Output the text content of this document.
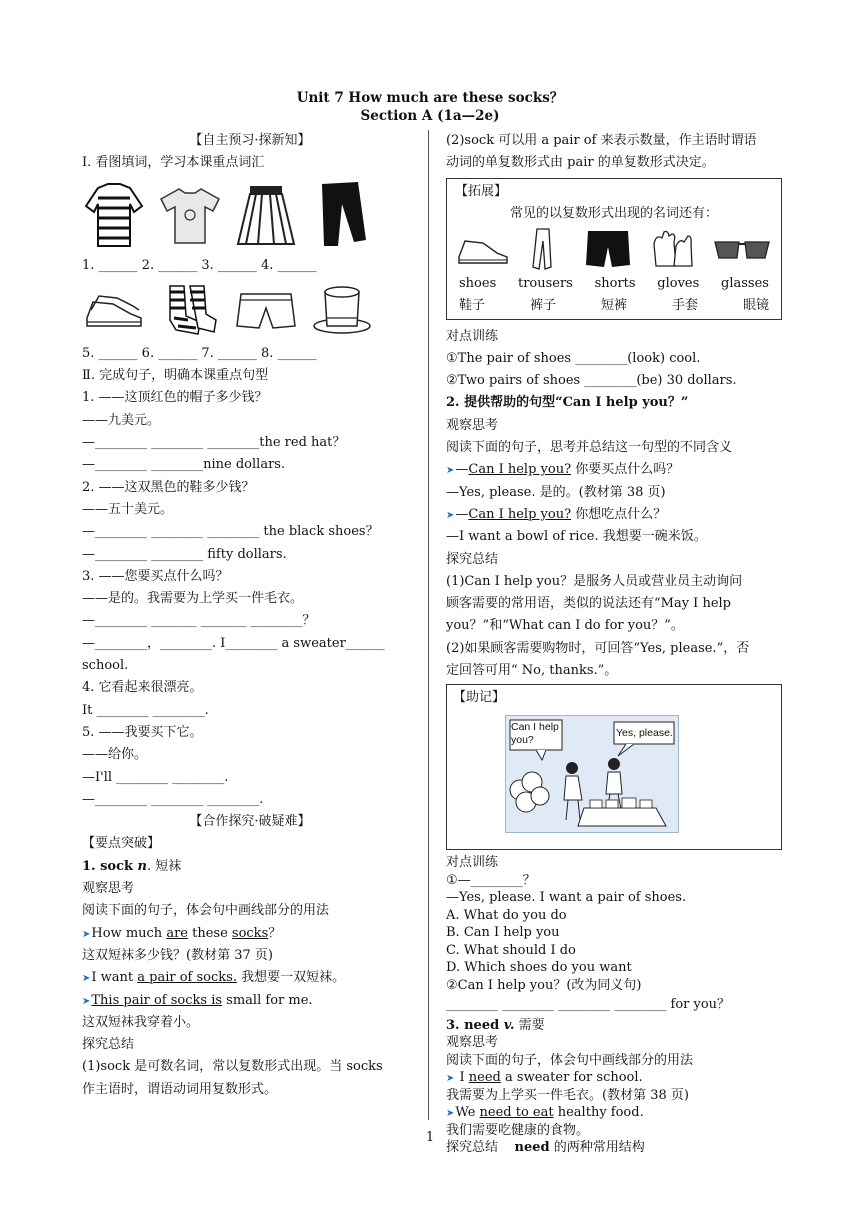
Unit 7 How much are these socks？
Section A (1a—2e)
【自主预习·探新知】
Ⅰ. 看图填词，学习本课重点词汇
1. ______ 2. ______ 3. ______ 4. ______
5. ______ 6. ______ 7. ______ 8. ______
Ⅱ. 完成句子，明确本课重点句型
1. ——这顶红色的帽子多少钱？
——九美元。
—________ ________ ________the red hat？
—________ ________nine dollars.
2. ——这双黑色的鞋多少钱？
——五十美元。
—________ ________ ________ the black shoes？
—________ ________ fifty dollars.
3. ——您要买点什么吗？
——是的。我需要为上学买一件毛衣。
—________ _______ _______ ________？
—________，________. I________ a sweater______
school.
4. 它看起来很漂亮。
It ________ ________.
5. ——我要买下它。
——给你。
—I'll ________ ________.
—________ ________ ________.
【合作探究·破疑难】
【要点突破】
1. sock n. 短袜
观察思考
阅读下面的句子，体会句中画线部分的用法
➤How much are these socks？
这双短袜多少钱？(教材第 37 页)
➤I want a pair of socks. 我想要一双短袜。
➤This pair of socks is small for me.
这双短袜我穿着小。
探究总结
(1)sock 是可数名词，常以复数形式出现。当 socks
作主语时，谓语动词用复数形式。
(2)sock 可以用 a pair of 来表示数量，作主语时谓语
动词的单复数形式由 pair 的单复数形式决定。
【拓展】
常见的以复数形式出现的名词还有：
shoes trousers shorts gloves glasses
鞋子	裤子	短裤	手套	眼镜
对点训练
①The pair of shoes ________(look) cool.
②Two pairs of shoes ________(be) 30 dollars.
2. 提供帮助的句型“Can I help you？”
观察思考
阅读下面的句子，思考并总结这一句型的不同含义
➤—Can I help you? 你要买点什么吗？
—Yes, please. 是的。(教材第 38 页)
➤—Can I help you? 你想吃点什么？
—I want a bowl of rice. 我想要一碗米饭。
探究总结
(1)Can I help you？是服务人员或营业员主动询问
顾客需要的常用语，类似的说法还有“May I help
you？”和“What can I do for you？”。
(2)如果顾客需要购物时，可回答“Yes, please.”，否
定回答可用“ No, thanks.”。
【助记】
Can I help you?
Yes, please.
对点训练
①—________？
—Yes, please. I want a pair of shoes.
A. What do you do
B. Can I help you
C. What should I do
D. Which shoes do you want
②Can I help you？(改为同义句)
________ ________ ________ ________ for you？
3. need v. 需要
观察思考
阅读下面的句子，体会句中画线部分的用法
➤ I need a sweater for school.
我需要为上学买一件毛衣。(教材第 38 页)
➤We need to eat healthy food.
我们需要吃健康的食物。
探究总结 need 的两种常用结构
1
